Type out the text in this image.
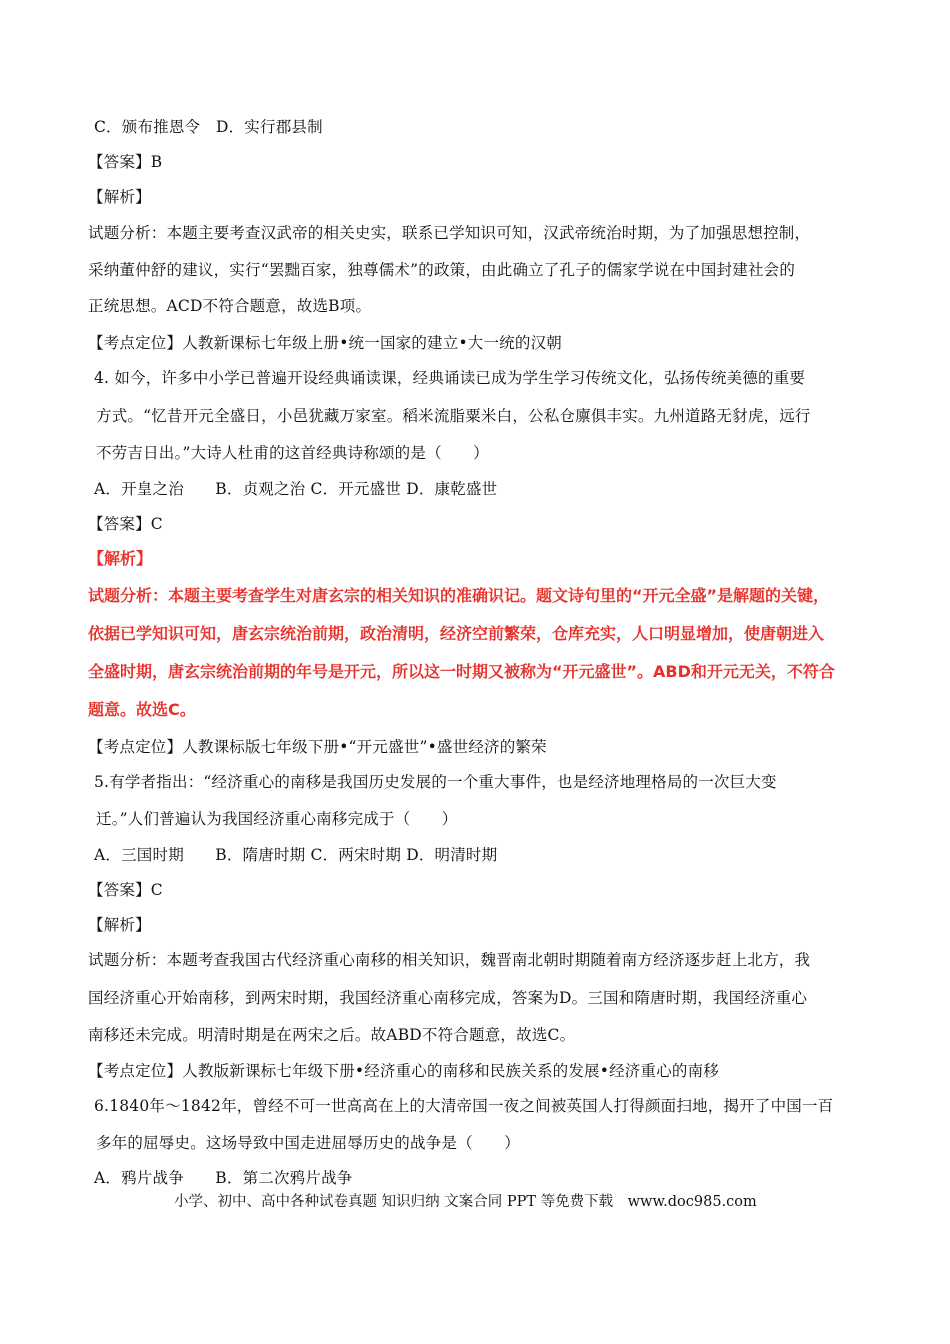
C．颁布推恩令　D．实行郡县制
【答案】B
【解析】
试题分析：本题主要考查汉武帝的相关史实，联系已学知识可知，汉武帝统治时期，为了加强思想控制，
采纳董仲舒的建议，实行“罢黜百家，独尊儒术”的政策，由此确立了孔子的儒家学说在中国封建社会的
正统思想。ACD不符合题意，故选B项。
【考点定位】人教新课标七年级上册•统一国家的建立•大一统的汉朝
4. 如今，许多中小学已普遍开设经典诵读课，经典诵读已成为学生学习传统文化，弘扬传统美德的重要
方式。“忆昔开元全盛日，小邑犹藏万家室。稻米流脂粟米白，公私仓廪俱丰实。九州道路无豺虎，远行
不劳吉日出。”大诗人杜甫的这首经典诗称颂的是（　　）
A．开皇之治　　B．贞观之治 C．开元盛世 D．康乾盛世
【答案】C
【解析】
试题分析：本题主要考查学生对唐玄宗的相关知识的准确识记。题文诗句里的“开元全盛”是解题的关键，
依据已学知识可知，唐玄宗统治前期，政治清明，经济空前繁荣，仓库充实，人口明显增加，使唐朝进入
全盛时期，唐玄宗统治前期的年号是开元，所以这一时期又被称为“开元盛世”。ABD和开元无关，不符合
题意。故选C。
【考点定位】人教课标版七年级下册•“开元盛世”•盛世经济的繁荣
5.有学者指出：“经济重心的南移是我国历史发展的一个重大事件，也是经济地理格局的一次巨大变
迁。”人们普遍认为我国经济重心南移完成于（　　）
A．三国时期　　B．隋唐时期 C．两宋时期 D．明清时期
【答案】C
【解析】
试题分析：本题考查我国古代经济重心南移的相关知识，魏晋南北朝时期随着南方经济逐步赶上北方，我
国经济重心开始南移，到两宋时期，我国经济重心南移完成，答案为D。三国和隋唐时期，我国经济重心
南移还未完成。明清时期是在两宋之后。故ABD不符合题意，故选C。
【考点定位】人教版新课标七年级下册•经济重心的南移和民族关系的发展•经济重心的南移
6.1840年～1842年，曾经不可一世高高在上的大清帝国一夜之间被英国人打得颜面扫地，揭开了中国一百
多年的屈辱史。这场导致中国走进屈辱历史的战争是（　　）
A．鸦片战争　　B．第二次鸦片战争
小学、初中、高中各种试卷真题 知识归纳 文案合同 PPT 等免费下载　www.doc985.com
